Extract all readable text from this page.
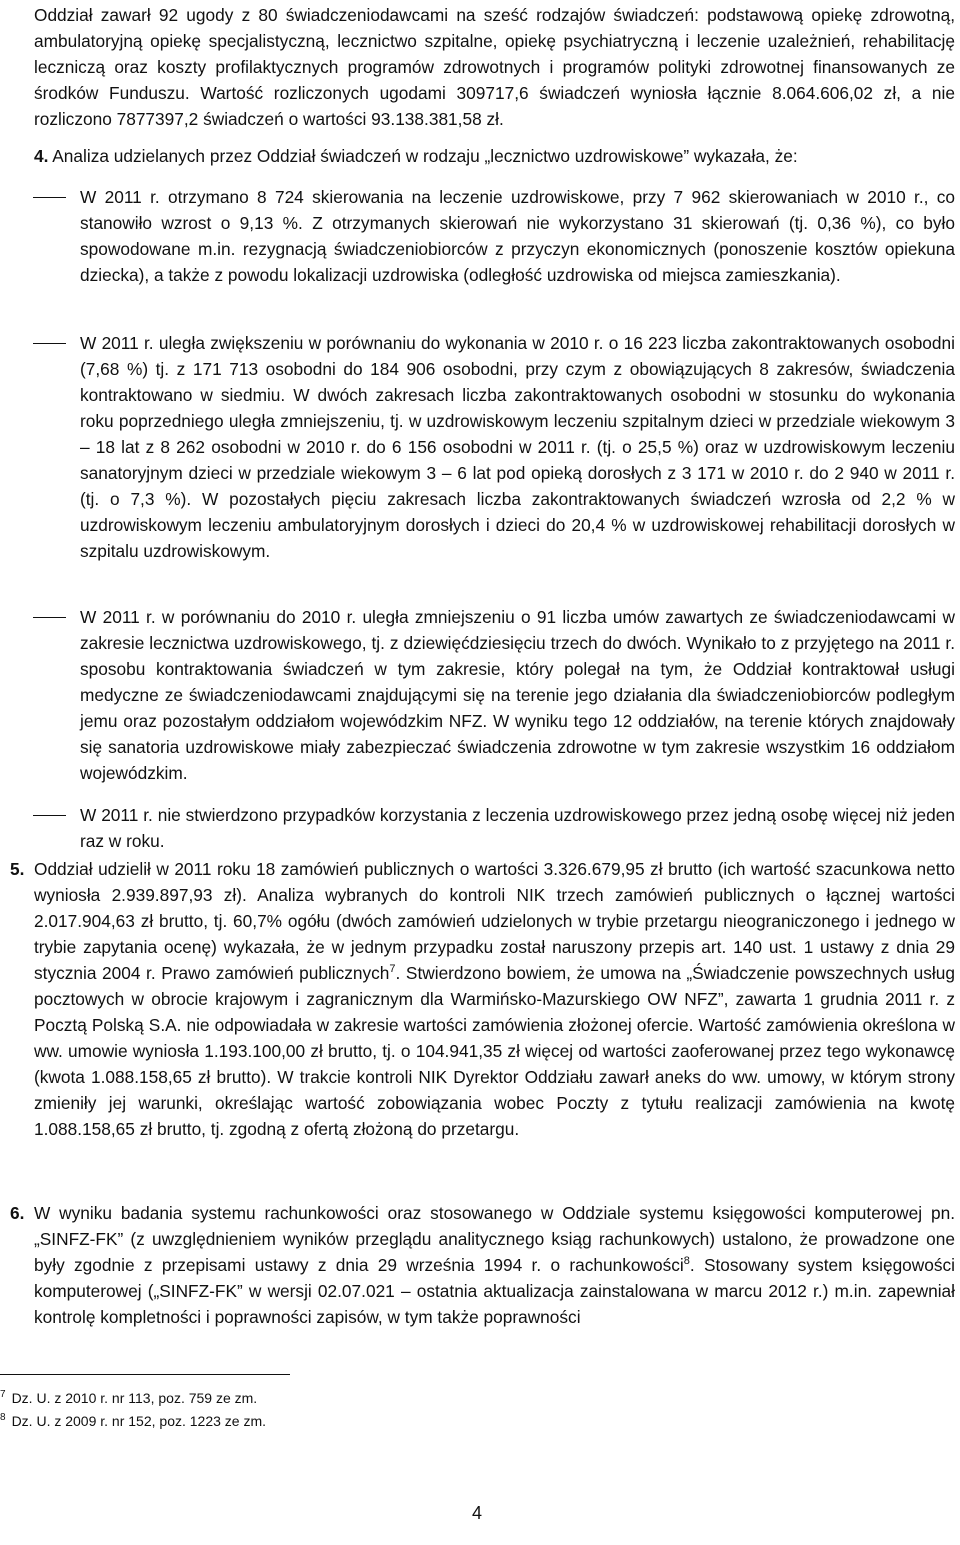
Oddział zawarł 92 ugody z 80 świadczeniodawcami na sześć rodzajów świadczeń: podstawową opiekę zdrowotną, ambulatoryjną opiekę specjalistyczną, lecznictwo szpitalne, opiekę psychiatryczną i leczenie uzależnień, rehabilitację leczniczą oraz koszty profilaktycznych programów zdrowotnych i programów polityki zdrowotnej finansowanych ze środków Funduszu. Wartość rozliczonych ugodami 309717,6 świadczeń wyniosła łącznie 8.064.606,02 zł, a nie rozliczono 7877397,2 świadczeń o wartości 93.138.381,58 zł.

4. Analiza udzielanych przez Oddział świadczeń w rodzaju „lecznictwo uzdrowiskowe” wykazała, że:

W 2011 r. otrzymano 8 724 skierowania na leczenie uzdrowiskowe, przy 7 962 skierowaniach w 2010 r., co stanowiło wzrost o 9,13 %. Z otrzymanych skierowań nie wykorzystano 31 skierowań (tj. 0,36 %), co było spowodowane m.in. rezygnacją świadczeniobiorców z przyczyn ekonomicznych (ponoszenie kosztów opiekuna dziecka), a także z powodu lokalizacji uzdrowiska (odległość uzdrowiska od miejsca zamieszkania).

W 2011 r. uległa zwiększeniu w porównaniu do wykonania w 2010 r. o 16 223 liczba zakontraktowanych osobodni (7,68 %) tj. z 171 713 osobodni do 184 906 osobodni, przy czym z obowiązujących 8 zakresów, świadczenia kontraktowano w siedmiu. W dwóch zakresach liczba zakontraktowanych osobodni w stosunku do wykonania roku poprzedniego uległa zmniejszeniu, tj. w uzdrowiskowym leczeniu szpitalnym dzieci w przedziale wiekowym 3 – 18 lat z 8 262 osobodni w 2010 r. do 6 156 osobodni w 2011 r. (tj. o 25,5 %) oraz w uzdrowiskowym leczeniu sanatoryjnym dzieci w przedziale wiekowym 3 – 6 lat pod opieką dorosłych z 3 171 w 2010 r. do 2 940 w 2011 r. (tj. o 7,3 %). W pozostałych pięciu zakresach liczba zakontraktowanych świadczeń wzrosła od 2,2 % w uzdrowiskowym leczeniu ambulatoryjnym dorosłych i dzieci do 20,4 % w uzdrowiskowej rehabilitacji dorosłych w szpitalu uzdrowiskowym.

W 2011 r. w porównaniu do 2010 r. uległa zmniejszeniu o 91 liczba umów zawartych ze świadczeniodawcami w zakresie lecznictwa uzdrowiskowego, tj. z dziewięćdziesięciu trzech do dwóch. Wynikało to z przyjętego na 2011 r. sposobu kontraktowania świadczeń w tym zakresie, który polegał na tym, że Oddział kontraktował usługi medyczne ze świadczeniodawcami znajdującymi się na terenie jego działania dla świadczeniobiorców podległym jemu oraz pozostałym oddziałom wojewódzkim NFZ. W wyniku tego 12 oddziałów, na terenie których znajdowały się sanatoria uzdrowiskowe miały zabezpieczać świadczenia zdrowotne w tym zakresie wszystkim 16 oddziałom wojewódzkim.

W 2011 r. nie stwierdzono przypadków korzystania z leczenia uzdrowiskowego przez jedną osobę więcej niż jeden raz w roku.

5. Oddział udzielił w 2011 roku 18 zamówień publicznych o wartości 3.326.679,95 zł brutto (ich wartość szacunkowa netto wyniosła 2.939.897,93 zł). Analiza wybranych do kontroli NIK trzech zamówień publicznych o łącznej wartości 2.017.904,63 zł brutto, tj. 60,7% ogółu (dwóch zamówień udzielonych w trybie przetargu nieograniczonego i jednego w trybie zapytania ocenę) wykazała, że w jednym przypadku został naruszony przepis art. 140 ust. 1 ustawy z dnia 29 stycznia 2004 r. Prawo zamówień publicznych$^7$. Stwierdzono bowiem, że umowa na „Świadczenie powszechnych usług pocztowych w obrocie krajowym i zagranicznym dla Warmińsko-Mazurskiego OW NFZ”, zawarta 1 grudnia 2011 r. z Pocztą Polską S.A. nie odpowiadała w zakresie wartości zamówienia złożonej ofercie. Wartość zamówienia określona w ww. umowie wyniosła 1.193.100,00 zł brutto, tj. o 104.941,35 zł więcej od wartości zaoferowanej przez tego wykonawcę (kwota 1.088.158,65 zł brutto). W trakcie kontroli NIK Dyrektor Oddziału zawarł aneks do ww. umowy, w którym strony zmieniły jej warunki, określając wartość zobowiązania wobec Poczty z tytułu realizacji zamówienia na kwotę 1.088.158,65 zł brutto, tj. zgodną z ofertą złożoną do przetargu.

6. W wyniku badania systemu rachunkowości oraz stosowanego w Oddziale systemu księgowości komputerowej pn. „SINFZ-FK” (z uwzględnieniem wyników przeglądu analitycznego ksiąg rachunkowych) ustalono, że prowadzone one były zgodnie z przepisami ustawy z dnia 29 września 1994 r. o rachunkowości$^8$. Stosowany system księgowości komputerowej („SINFZ-FK” w wersji 02.07.021 – ostatnia aktualizacja zainstalowana w marcu 2012 r.) m.in. zapewniał kontrolę kompletności i poprawności zapisów, w tym także poprawności

$^7$ Dz. U. z 2010 r. nr 113, poz. 759 ze zm.
$^8$ Dz. U. z 2009 r. nr 152, poz. 1223 ze zm.
4
